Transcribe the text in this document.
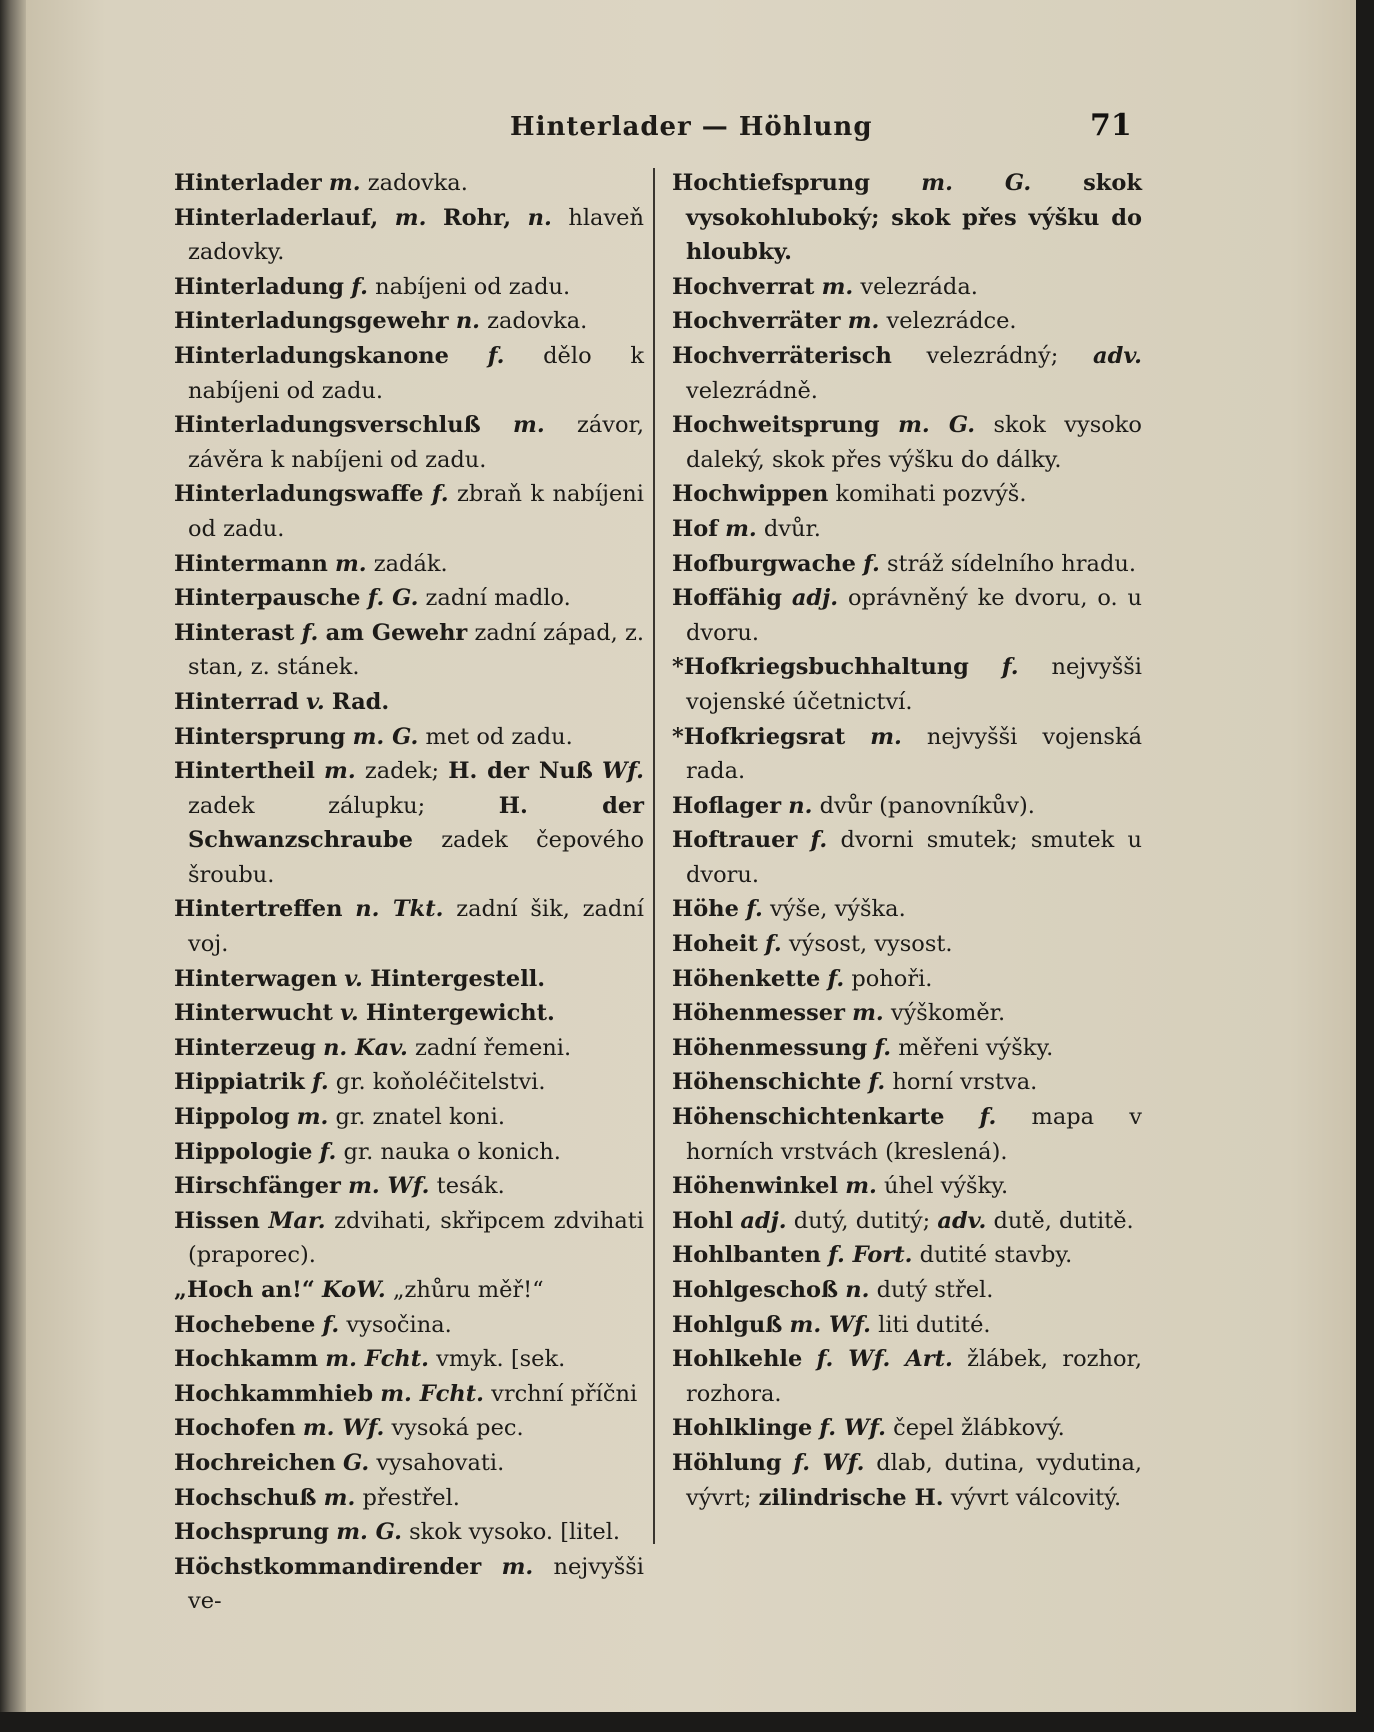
Hinterlader — Höhlung	71
Hinterlader m. zadovka.
Hinterladerlauf, m. Rohr, n. hlaveň zadovky.
Hinterladung f. nabíjeni od zadu.
Hinterladungsgewehr n. zadovka.
Hinterladungskanone f. dělo k nabíjeni od zadu.
Hinterladungsverschluß m. závor, závěra k nabíjeni od zadu.
Hinterladungswaffe f. zbraň k nabíjeni od zadu.
Hintermann m. zadák.
Hinterpausche f. G. zadní madlo.
Hinterast f. am Gewehr zadní západ, z. stan, z. stánek.
Hinterrad v. Rad.
Hintersprung m. G. met od zadu.
Hintertheil m. zadek; H. der Nuß Wf. zadek zálupku; H. der Schwanzschraube zadek čepového šroubu.
Hintertreffen n. Tkt. zadní šik, zadní voj.
Hinterwagen v. Hintergestell.
Hinterwucht v. Hintergewicht.
Hinterzeug n. Kav. zadní řemeni.
Hippiatrik f. gr. koňoléčitelstvi.
Hippolog m. gr. znatel koni.
Hippologie f. gr. nauka o konich.
Hirschfänger m. Wf. tesák.
Hissen Mar. zdvihati, skřipcem zdvihati (praporec).
„Hoch an!“ KoW. „zhůru měř!“
Hochebene f. vysočina.
Hochkamm m. Fcht. vmyk. [sek.
Hochkammhieb m. Fcht. vrchní příčni
Hochofen m. Wf. vysoká pec.
Hochreichen G. vysahovati.
Hochschuß m. přestřel.
Hochsprung m. G. skok vysoko. [litel.
Höchstkommandirender m. nejvyšši ve-
Hochtiefsprung m. G. skok vysokohluboký; skok přes výšku do hloubky.
Hochverrat m. velezráda.
Hochverräter m. velezrádce.
Hochverräterisch velezrádný; adv. velezrádně.
Hochweitsprung m. G. skok vysoko daleký, skok přes výšku do dálky.
Hochwippen komihati pozvýš.
Hof m. dvůr.
Hofburgwache f. stráž sídelního hradu.
Hoffähig adj. oprávněný ke dvoru, o. u dvoru.
*Hofkriegsbuchhaltung f. nejvyšši vojenské účetnictví.
*Hofkriegsrat m. nejvyšši vojenská rada.
Hoflager n. dvůr (panovníkův).
Hoftrauer f. dvorni smutek; smutek u dvoru.
Höhe f. výše, výška.
Hoheit f. výsost, vysost.
Höhenkette f. pohoři.
Höhenmesser m. výškoměr.
Höhenmessung f. měřeni výšky.
Höhenschichte f. horní vrstva.
Höhenschichtenkarte f. mapa v horních vrstvách (kreslená).
Höhenwinkel m. úhel výšky.
Hohl adj. dutý, dutitý; adv. dutě, dutitě.
Hohlbanten f. Fort. dutité stavby.
Hohlgeschoß n. dutý střel.
Hohlguß m. Wf. liti dutité.
Hohlkehle f. Wf. Art. žlábek, rozhor, rozhora.
Hohlklinge f. Wf. čepel žlábkový.
Höhlung f. Wf. dlab, dutina, vydutina, vývrt; zilindrische H. vývrt válcovitý.
